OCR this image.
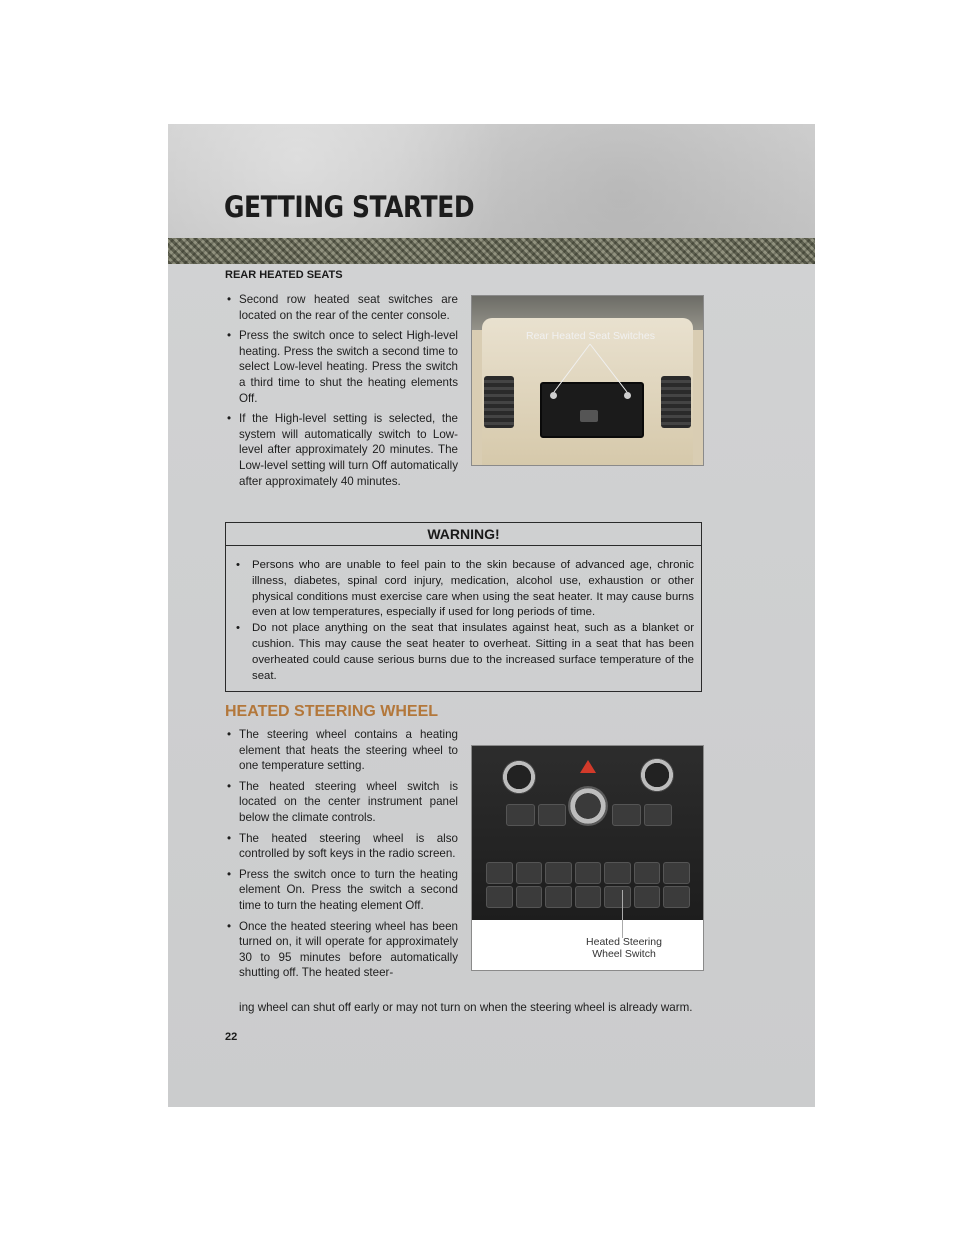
GETTING STARTED
REAR HEATED SEATS
• Second row heated seat switches are located on the rear of the center console.
• Press the switch once to select High-level heating. Press the switch a second time to select Low-level heating. Press the switch a third time to shut the heating elements Off.
• If the High-level setting is selected, the system will automatically switch to Low-level after approximately 20 minutes. The Low-level setting will turn Off automatically after approximately 40 minutes.
Rear Heated Seat Switches
WARNING!
• Persons who are unable to feel pain to the skin because of advanced age, chronic illness, diabetes, spinal cord injury, medication, alcohol use, exhaustion or other physical conditions must exercise care when using the seat heater. It may cause burns even at low temperatures, especially if used for long periods of time.
• Do not place anything on the seat that insulates against heat, such as a blanket or cushion. This may cause the seat heater to overheat. Sitting in a seat that has been overheated could cause serious burns due to the increased surface temperature of the seat.
HEATED STEERING WHEEL
• The steering wheel contains a heating element that heats the steering wheel to one temperature setting.
• The heated steering wheel switch is located on the center instrument panel below the climate controls.
• The heated steering wheel is also controlled by soft keys in the radio screen.
• Press the switch once to turn the heating element On. Press the switch a second time to turn the heating element Off.
• Once the heated steering wheel has been turned on, it will operate for approximately 30 to 95 minutes before automatically shutting off. The heated steer-
ing wheel can shut off early or may not turn on when the steering wheel is already warm.
Heated Steering
Wheel Switch

22
